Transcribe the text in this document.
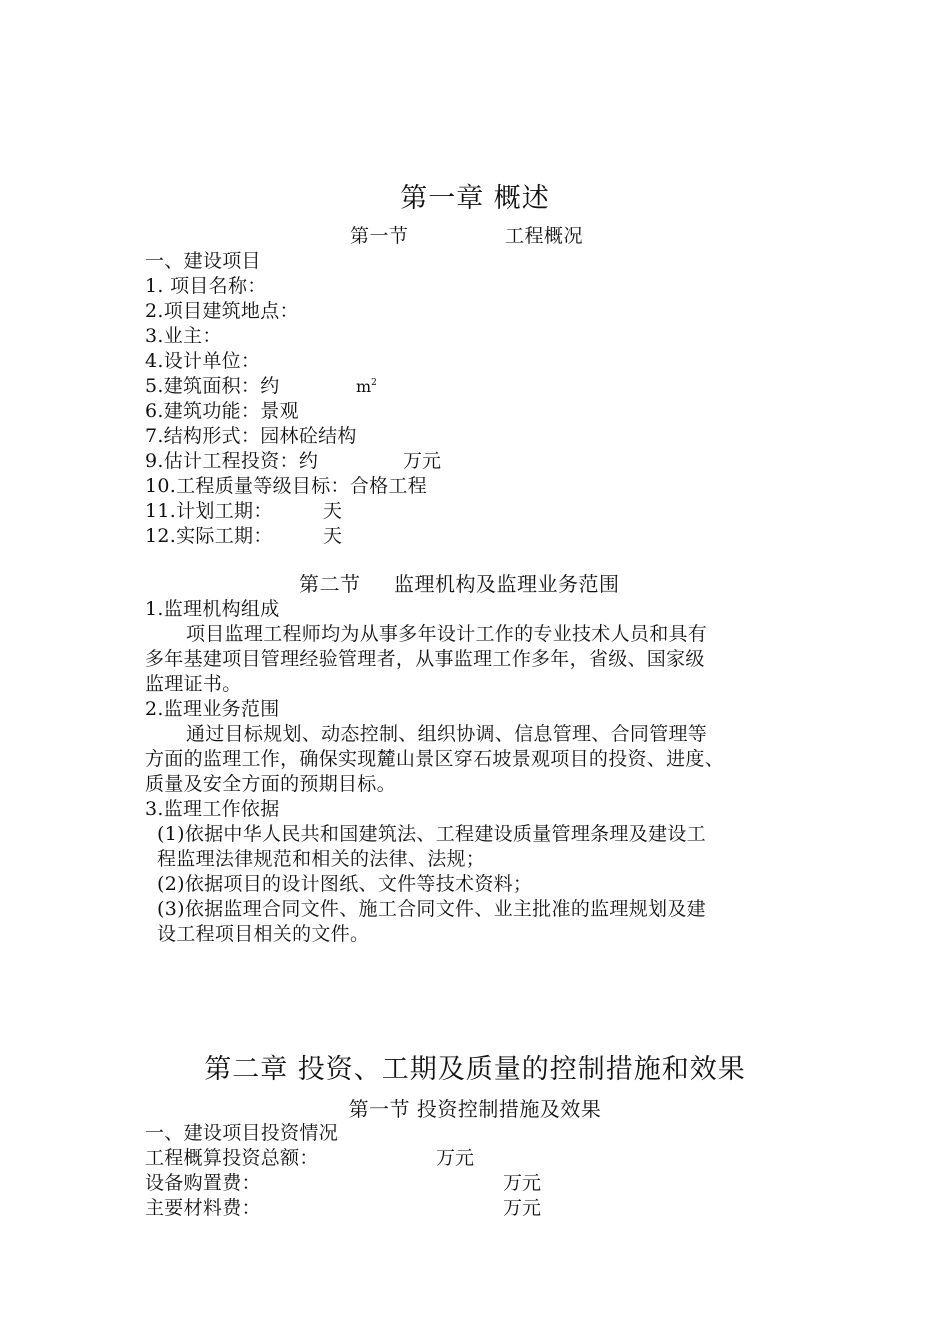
第一章 概述
第一节	工程概况
一、建设项目
1. 项目名称：
2.项目建筑地点：
3.业主：
4.设计单位：
5.建筑面积：约	$m^2$
6.建筑功能：景观
7.结构形式：园林砼结构
9.估计工程投资：约	万元
10.工程质量等级目标：合格工程
11.计划工期：	天
12.实际工期：	天
第二节 监理机构及监理业务范围
1.监理机构组成
项目监理工程师均为从事多年设计工作的专业技术人员和具有
多年基建项目管理经验管理者，从事监理工作多年，省级、国家级
监理证书。
2.监理业务范围
通过目标规划、动态控制、组织协调、信息管理、合同管理等
方面的监理工作，确保实现麓山景区穿石坡景观项目的投资、进度、
质量及安全方面的预期目标。
3.监理工作依据
(1)依据中华人民共和国建筑法、工程建设质量管理条理及建设工
程监理法律规范和相关的法律、法规；
(2)依据项目的设计图纸、文件等技术资料；
(3)依据监理合同文件、施工合同文件、业主批准的监理规划及建
设工程项目相关的文件。
第二章 投资、工期及质量的控制措施和效果
第一节 投资控制措施及效果
一、建设项目投资情况
工程概算投资总额：	万元
设备购置费：	万元
主要材料费：	万元
